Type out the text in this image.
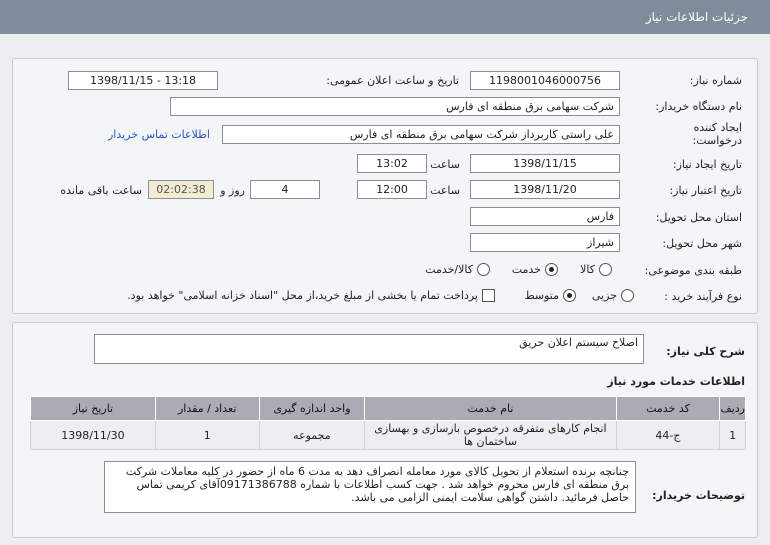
جزئیات اطلاعات نیاز
شماره نیاز:
1198001046000756
تاریخ و ساعت اعلان عمومی:
1398/11/15 - 13:18
نام دستگاه خریدار:
شرکت سهامی برق منطقه ای فارس
ایجاد کننده درخواست:
علی راستی کاربرداز شرکت سهامی برق منطقه ای فارس
اطلاعات تماس خریدار
تاریخ ایجاد نیاز:
1398/11/15
ساعت
13:02
تاریخ اعتبار نیاز:
1398/11/20
ساعت
12:00
4
روز و
02:02:38
ساعت باقی مانده
استان محل تحویل:
فارس
شهر محل تحویل:
شیراز
طبقه بندی موضوعی:
کالا
خدمت
کالا/خدمت
نوع فرآیند خرید :
جزیی
متوسط
پرداخت تمام یا بخشی از مبلغ خرید،از محل "اسناد خزانه اسلامی" خواهد بود.
شرح کلی نیاز:
اصلاح سیستم اعلان حریق
اطلاعات خدمات مورد نیاز
ردیف	کد خدمت	نام خدمت	واحد اندازه گیری	تعداد / مقدار	تاریخ نیاز
1	ج-44	انجام کارهای متفرقه درخصوص بازسازی و بهسازی ساختمان ها	مجموعه	1	1398/11/30
توضیحات خریدار:
چنانچه برنده استعلام از تحویل کالای مورد معامله انصراف دهد به مدت 6 ماه از حضور در کلیه معاملات شرکت برق منطقه ای فارس محروم خواهد شد . جهت کسب اطلاعات با شماره 09171386788آقای کریمی تماس حاصل فرمائید. داشتن گواهی سلامت ایمنی الزامی می باشد.
